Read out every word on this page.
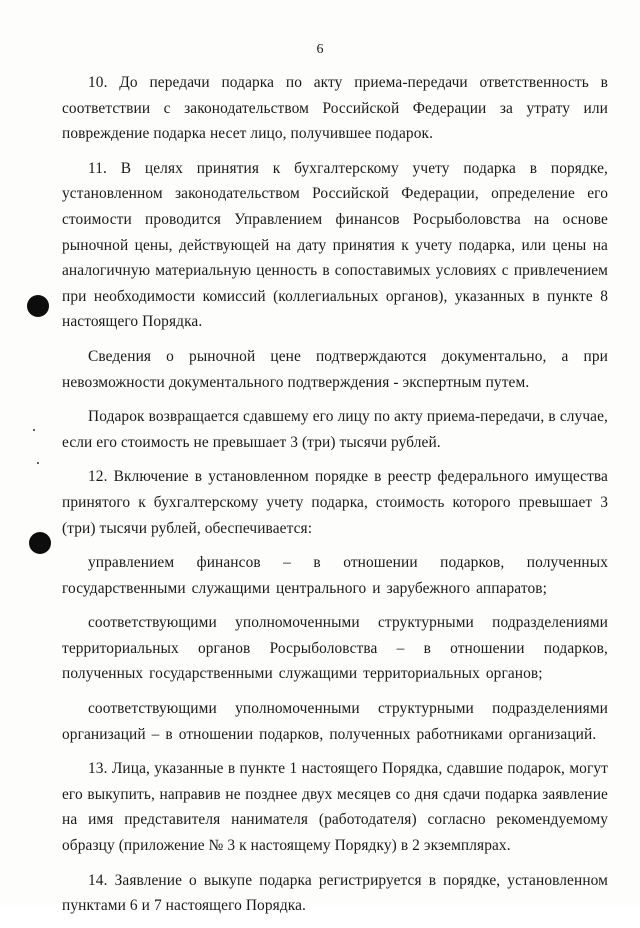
6

10. До передачи подарка по акту приема-передачи ответственность в соответствии с законодательством Российской Федерации за утрату или повреждение подарка несет лицо, получившее подарок.

11. В целях принятия к бухгалтерскому учету подарка в порядке, установленном законодательством Российской Федерации, определение его стоимости проводится Управлением финансов Росрыболовства на основе рыночной цены, действующей на дату принятия к учету подарка, или цены на аналогичную материальную ценность в сопоставимых условиях с привлечением при необходимости комиссий (коллегиальных органов), указанных в пункте 8 настоящего Порядка.

Сведения о рыночной цене подтверждаются документально, а при невозможности документального подтверждения - экспертным путем.

Подарок возвращается сдавшему его лицу по акту приема-передачи, в случае, если его стоимость не превышает 3 (три) тысячи рублей.

12. Включение в установленном порядке в реестр федерального имущества принятого к бухгалтерскому учету подарка, стоимость которого превышает 3 (три) тысячи рублей, обеспечивается:

управлением финансов – в отношении подарков, полученных государственными служащими центрального и зарубежного аппаратов;

соответствующими уполномоченными структурными подразделениями территориальных органов Росрыболовства – в отношении подарков, полученных государственными служащими территориальных органов;

соответствующими уполномоченными структурными подразделениями организаций – в отношении подарков, полученных работниками организаций.

13. Лица, указанные в пункте 1 настоящего Порядка, сдавшие подарок, могут его выкупить, направив не позднее двух месяцев со дня сдачи подарка заявление на имя представителя нанимателя (работодателя) согласно рекомендуемому образцу (приложение № 3 к настоящему Порядку) в 2 экземплярах.

14. Заявление о выкупе подарка регистрируется в порядке, установленном пунктами 6 и 7 настоящего Порядка.
